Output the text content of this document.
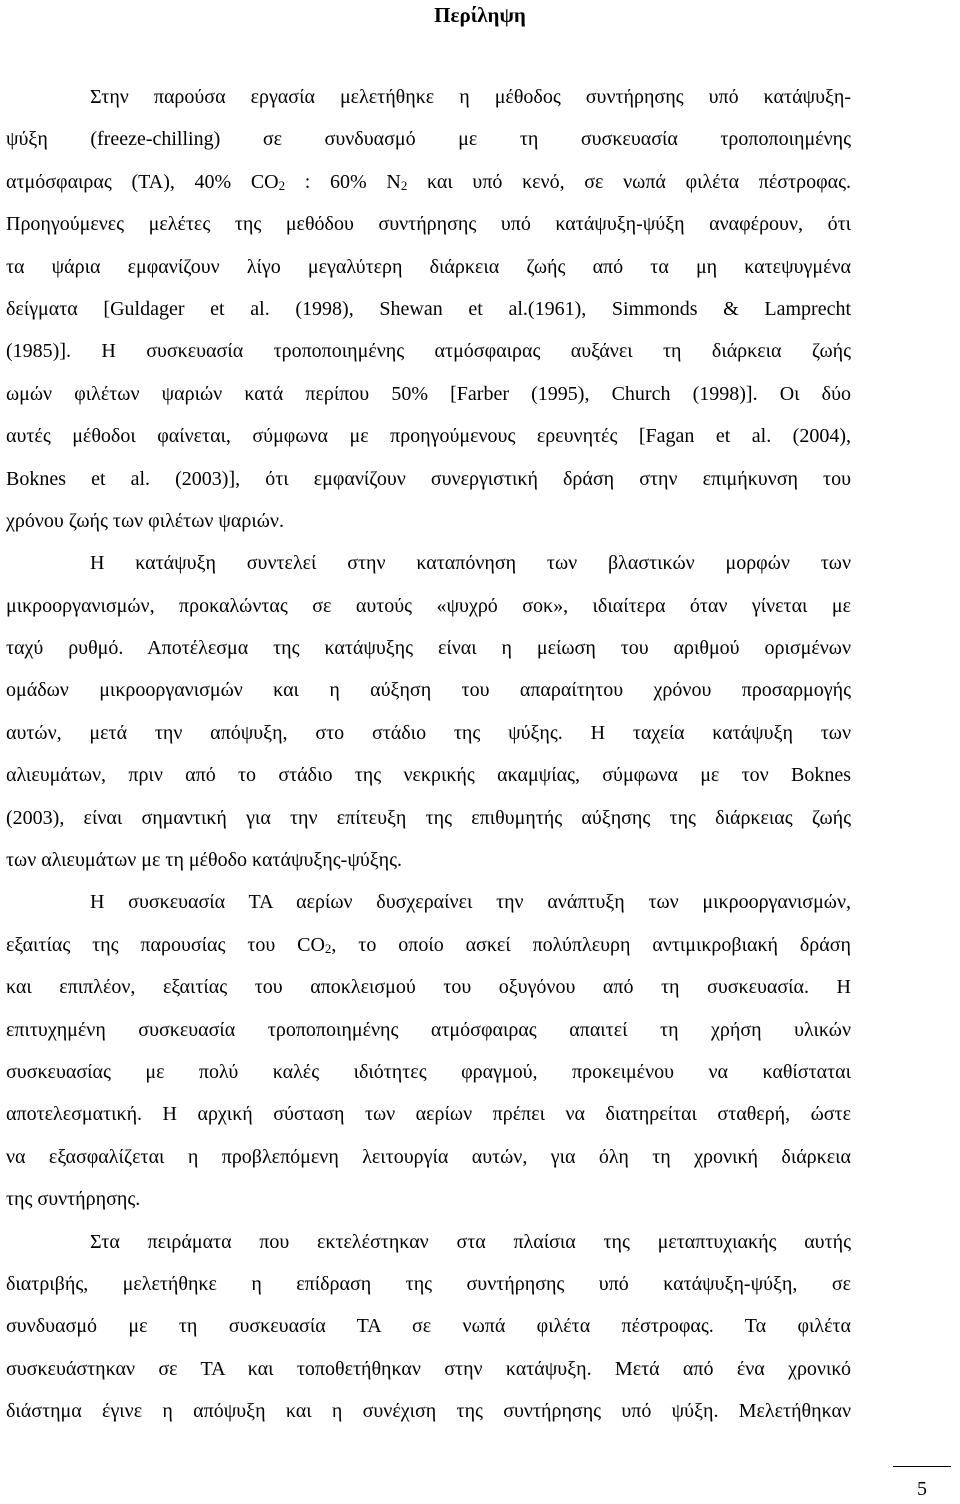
Περίληψη
Στην παρούσα εργασία μελετήθηκε η μέθοδος συντήρησης υπό κατάψυξη-
ψύξη (freeze-chilling) σε συνδυασμό με τη συσκευασία τροποποιημένης
ατμόσφαιρας (ΤΑ), 40% $CO_2$ : 60% $N_2$ και υπό κενό, σε νωπά φιλέτα πέστροφας.
Προηγούμενες μελέτες της μεθόδου συντήρησης υπό κατάψυξη-ψύξη αναφέρουν, ότι
τα ψάρια εμφανίζουν λίγο μεγαλύτερη διάρκεια ζωής από τα μη κατεψυγμένα
δείγματα [Guldager et al. (1998), Shewan et al.(1961), Simmonds & Lamprecht
(1985)]. Η συσκευασία τροποποιημένης ατμόσφαιρας αυξάνει τη διάρκεια ζωής
ωμών φιλέτων ψαριών κατά περίπου 50% [Farber (1995), Church (1998)]. Οι δύο
αυτές μέθοδοι φαίνεται, σύμφωνα με προηγούμενους ερευνητές [Fagan et al. (2004),
Boknes et al. (2003)], ότι εμφανίζουν συνεργιστική δράση στην επιμήκυνση του
χρόνου ζωής των φιλέτων ψαριών.
Η κατάψυξη συντελεί στην καταπόνηση των βλαστικών μορφών των
μικροοργανισμών, προκαλώντας σε αυτούς «ψυχρό σοκ», ιδιαίτερα όταν γίνεται με
ταχύ ρυθμό. Αποτέλεσμα της κατάψυξης είναι η μείωση του αριθμού ορισμένων
ομάδων μικροοργανισμών και η αύξηση του απαραίτητου χρόνου προσαρμογής
αυτών, μετά την απόψυξη, στο στάδιο της ψύξης. Η ταχεία κατάψυξη των
αλιευμάτων, πριν από το στάδιο της νεκρικής ακαμψίας, σύμφωνα με τον Boknes
(2003), είναι σημαντική για την επίτευξη της επιθυμητής αύξησης της διάρκειας ζωής
των αλιευμάτων με τη μέθοδο κατάψυξης-ψύξης.
Η συσκευασία ΤΑ αερίων δυσχεραίνει την ανάπτυξη των μικροοργανισμών,
εξαιτίας της παρουσίας του $CO_2$, το οποίο ασκεί πολύπλευρη αντιμικροβιακή δράση
και επιπλέον, εξαιτίας του αποκλεισμού του οξυγόνου από τη συσκευασία. Η
επιτυχημένη συσκευασία τροποποιημένης ατμόσφαιρας απαιτεί τη χρήση υλικών
συσκευασίας με πολύ καλές ιδιότητες φραγμού, προκειμένου να καθίσταται
αποτελεσματική. Η αρχική σύσταση των αερίων πρέπει να διατηρείται σταθερή, ώστε
να εξασφαλίζεται η προβλεπόμενη λειτουργία αυτών, για όλη τη χρονική διάρκεια
της συντήρησης.
Στα πειράματα που εκτελέστηκαν στα πλαίσια της μεταπτυχιακής αυτής
διατριβής, μελετήθηκε η επίδραση της συντήρησης υπό κατάψυξη-ψύξη, σε
συνδυασμό με τη συσκευασία ΤΑ σε νωπά φιλέτα πέστροφας. Τα φιλέτα
συσκευάστηκαν σε ΤΑ και τοποθετήθηκαν στην κατάψυξη. Μετά από ένα χρονικό
διάστημα έγινε η απόψυξη και η συνέχιση της συντήρησης υπό ψύξη. Μελετήθηκαν
5
